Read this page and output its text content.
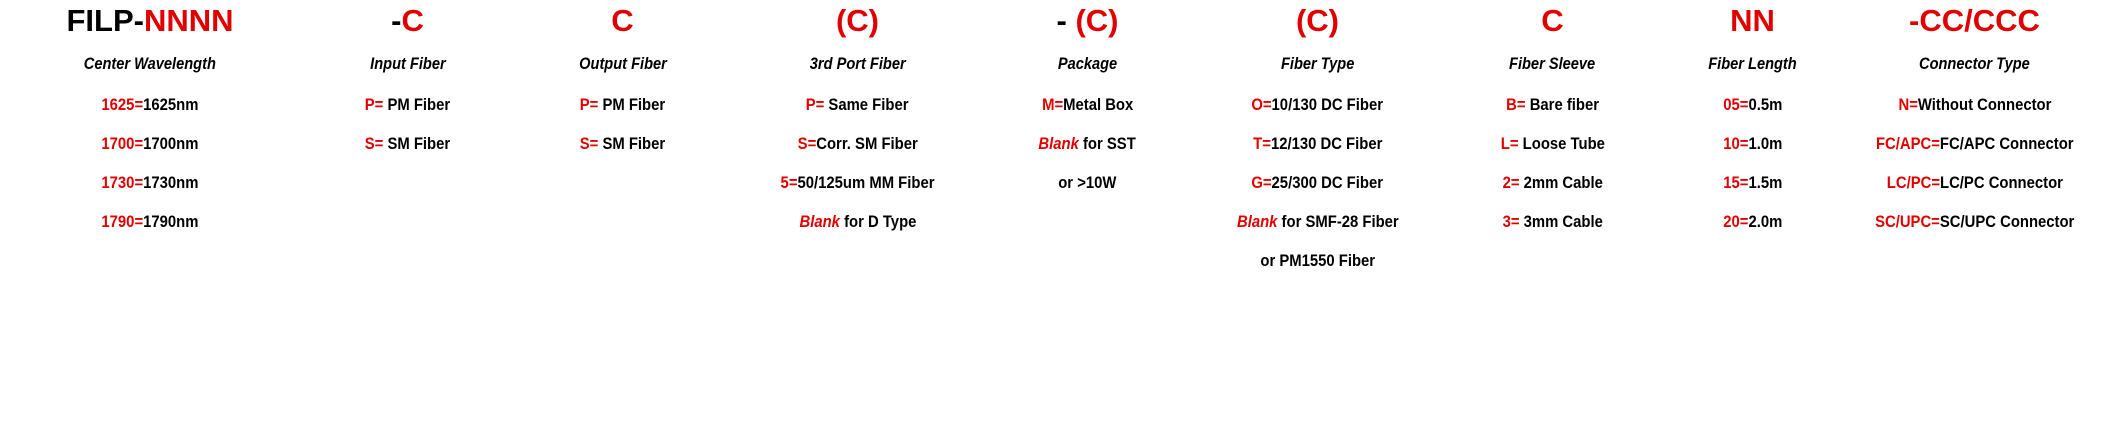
FILP-NNNN
Center Wavelength
1625=1625nm
1700=1700nm
1730=1730nm
1790=1790nm
-C
Input Fiber
P= PM Fiber
S= SM Fiber
C
Output Fiber
P= PM Fiber
S= SM Fiber
(C)
3rd Port Fiber
P= Same Fiber
S=Corr. SM Fiber
5=50/125um MM Fiber
Blank for D Type
- (C)
Package
M=Metal Box
Blank for SST
or >10W
(C)
Fiber Type
O=10/130 DC Fiber
T=12/130 DC Fiber
G=25/300 DC Fiber
Blank for SMF-28 Fiber
or PM1550 Fiber
C
Fiber Sleeve
B= Bare fiber
L= Loose Tube
2= 2mm Cable
3= 3mm Cable
NN
Fiber Length
05=0.5m
10=1.0m
15=1.5m
20=2.0m
-CC/CCC
Connector Type
N=Without Connector
FC/APC=FC/APC Connector
LC/PC=LC/PC Connector
SC/UPC=SC/UPC Connector
